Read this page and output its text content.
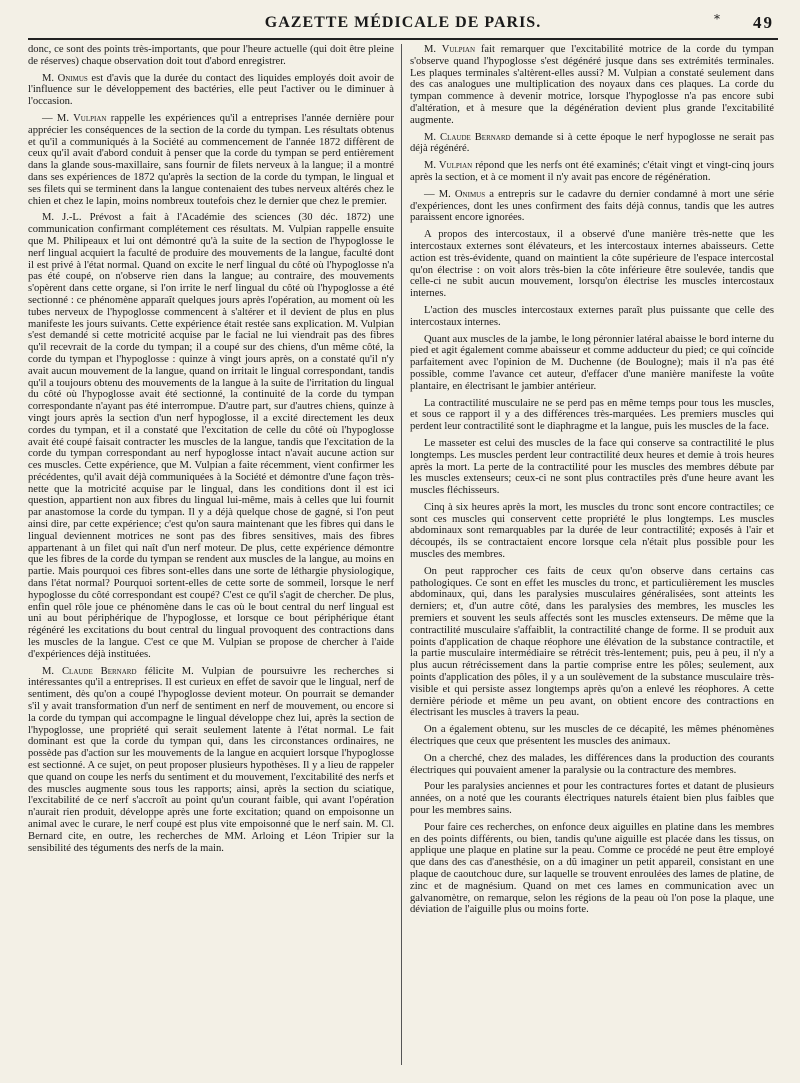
GAZETTE MÉDICALE DE PARIS.	* 49

donc, ce sont des points très-importants, que pour l'heure actuelle (qui doit être pleine de réserves) chaque observation doit tout d'abord enregistrer.

M. Onimus est d'avis que la durée du contact des liquides employés doit avoir de l'influence sur le développement des bactéries, elle peut l'activer ou le diminuer à l'occasion.

— M. Vulpian rappelle les expériences qu'il a entreprises l'année dernière pour apprécier les conséquences de la section de la corde du tympan. Les résultats obtenus et qu'il a communiqués à la Société au commencement de l'année 1872 diffèrent de ceux qu'il avait d'abord conduit à penser que la corde du tympan se perd entièrement dans la glande sous-maxillaire, sans fournir de filets nerveux à la langue; il a montré dans ses expériences de 1872 qu'après la section de la corde du tympan, le lingual et ses filets qui se terminent dans la langue contenaient des tubes nerveux altérés chez le chien et chez le lapin, moins nombreux toutefois chez le dernier que chez le premier.

M. J.-L. Prévost a fait à l'Académie des sciences (30 déc. 1872) une communication confirmant complétement ces résultats. M. Vulpian rappelle ensuite que M. Philipeaux et lui ont démontré qu'à la suite de la section de l'hypoglosse le nerf lingual acquiert la faculté de produire des mouvements de la langue, faculté dont il est privé à l'état normal. Quand on excite le nerf lingual du côté où l'hypoglosse n'a pas été coupé, on n'observe rien dans la langue; au contraire, des mouvements s'opèrent dans cette organe, si l'on irrite le nerf lingual du côté où l'hypoglosse a été sectionné : ce phénomène apparaît quelques jours après l'opération, au moment où les tubes nerveux de l'hypoglosse commencent à s'altérer et il devient de plus en plus manifeste les jours suivants. Cette expérience était restée sans explication. M. Vulpian s'est demandé si cette motricité acquise par le facial ne lui viendrait pas des fibres qu'il recevrait de la corde du tympan; il a coupé sur des chiens, d'un même côté, la corde du tympan et l'hypoglosse : quinze à vingt jours après, on a constaté qu'il n'y avait aucun mouvement de la langue, quand on irritait le lingual correspondant, tandis qu'il a toujours obtenu des mouvements de la langue à la suite de l'irritation du lingual du côté où l'hypoglosse avait été sectionné, la continuité de la corde du tympan correspondante n'ayant pas été interrompue. D'autre part, sur d'autres chiens, quinze à vingt jours après la section d'un nerf hypoglosse, il a excité directement les deux cordes du tympan, et il a constaté que l'excitation de celle du côté où l'hypoglosse avait été coupé faisait contracter les muscles de la langue, tandis que l'excitation de la corde du tympan correspondant au nerf hypoglosse intact n'avait aucune action sur ces muscles. Cette expérience, que M. Vulpian a faite récemment, vient confirmer les précédentes, qu'il avait déjà communiquées à la Société et démontre d'une façon très-nette que la motricité acquise par le lingual, dans les conditions dont il est ici question, appartient non aux fibres du lingual lui-même, mais à celles que lui fournit par anastomose la corde du tympan. Il y a déjà quelque chose de gagné, si l'on peut ainsi dire, par cette expérience; c'est qu'on saura maintenant que les fibres qui dans le lingual deviennent motrices ne sont pas des fibres sensitives, mais des fibres appartenant à un filet qui naît d'un nerf moteur. De plus, cette expérience démontre que les fibres de la corde du tympan se rendent aux muscles de la langue, au moins en partie. Mais pourquoi ces fibres sont-elles dans une sorte de léthargie physiologique, dans l'état normal? Pourquoi sortent-elles de cette sorte de sommeil, lorsque le nerf hypoglosse du côté correspondant est coupé? C'est ce qu'il s'agit de chercher. De plus, enfin quel rôle joue ce phénomène dans le cas où le bout central du nerf lingual est uni au bout périphérique de l'hypoglosse, et lorsque ce bout périphérique étant régénéré les excitations du bout central du lingual provoquent des contractions dans les muscles de la langue. C'est ce que M. Vulpian se propose de chercher à l'aide d'expériences déjà instituées.

M. Claude Bernard félicite M. Vulpian de poursuivre les recherches si intéressantes qu'il a entreprises. Il est curieux en effet de savoir que le lingual, nerf de sentiment, dès qu'on a coupé l'hypoglosse devient moteur. On pourrait se demander s'il y avait transformation d'un nerf de sentiment en nerf de mouvement, ou encore si la corde du tympan qui accompagne le lingual développe chez lui, après la section de l'hypoglosse, une propriété qui serait seulement latente à l'état normal. Le fait dominant est que la corde du tympan qui, dans les circonstances ordinaires, ne possède pas d'action sur les mouvements de la langue en acquiert lorsque l'hypoglosse est sectionné. A ce sujet, on peut proposer plusieurs hypothèses. Il y a lieu de rappeler que quand on coupe les nerfs du sentiment et du mouvement, l'excitabilité des nerfs et des muscles augmente sous tous les rapports; ainsi, après la section du sciatique, l'excitabilité de ce nerf s'accroît au point qu'un courant faible, qui avant l'opération n'aurait rien produit, développe après une forte excitation; quand on empoisonne un animal avec le curare, le nerf coupé est plus vite empoisonné que le nerf sain. M. Cl. Bernard cite, en outre, les recherches de MM. Arloing et Léon Tripier sur la sensibilité des téguments des nerfs de la main.

M. Vulpian fait remarquer que l'excitabilité motrice de la corde du tympan s'observe quand l'hypoglosse s'est dégénéré jusque dans ses extrémités terminales. Les plaques terminales s'altèrent-elles aussi? M. Vulpian a constaté seulement dans des cas analogues une multiplication des noyaux dans ces plaques. La corde du tympan commence à devenir motrice, lorsque l'hypoglosse n'a pas encore subi d'altération, et à mesure que la dégénération devient plus grande l'excitabilité augmente.

M. Claude Bernard demande si à cette époque le nerf hypoglosse ne serait pas déjà régénéré.

M. Vulpian répond que les nerfs ont été examinés; c'était vingt et vingt-cinq jours après la section, et à ce moment il n'y avait pas encore de régénération.

— M. Onimus a entrepris sur le cadavre du dernier condamné à mort une série d'expériences, dont les unes confirment des faits déjà connus, tandis que les autres paraissent encore ignorées.

A propos des intercostaux, il a observé d'une manière très-nette que les intercostaux externes sont élévateurs, et les intercostaux internes abaisseurs. Cette action est très-évidente, quand on maintient la côte supérieure de l'espace intercostal qu'on électrise : on voit alors très-bien la côte inférieure être soulevée, tandis que celle-ci ne subit aucun mouvement, lorsqu'on électrise les muscles intercostaux internes.

L'action des muscles intercostaux externes paraît plus puissante que celle des intercostaux internes.

Quant aux muscles de la jambe, le long péronnier latéral abaisse le bord interne du pied et agit également comme abaisseur et comme adducteur du pied; ce qui coïncide parfaitement avec l'opinion de M. Duchenne (de Boulogne); mais il n'a pas été possible, comme l'avance cet auteur, d'effacer d'une manière manifeste la voûte plantaire, en électrisant le jambier antérieur.

La contractilité musculaire ne se perd pas en même temps pour tous les muscles, et sous ce rapport il y a des différences très-marquées. Les premiers muscles qui perdent leur contractilité sont le diaphragme et la langue, puis les muscles de la face.

Le masseter est celui des muscles de la face qui conserve sa contractilité le plus longtemps. Les muscles perdent leur contractilité deux heures et demie à trois heures après la mort. La perte de la contractilité pour les muscles des membres débute par les muscles extenseurs; ceux-ci ne sont plus contractiles près d'une heure avant les muscles fléchisseurs.

Cinq à six heures après la mort, les muscles du tronc sont encore contractiles; ce sont ces muscles qui conservent cette propriété le plus longtemps. Les muscles abdominaux sont remarquables par la durée de leur contractilité; exposés à l'air et découpés, ils se contractaient encore lorsque cela n'était plus possible pour les muscles des membres.

On peut rapprocher ces faits de ceux qu'on observe dans certains cas pathologiques. Ce sont en effet les muscles du tronc, et particulièrement les muscles abdominaux, qui, dans les paralysies musculaires généralisées, sont atteints les derniers; et, d'un autre côté, dans les paralysies des membres, les muscles les premiers et souvent les seuls affectés sont les muscles extenseurs. De même que la contractilité musculaire s'affaiblit, la contractilité change de forme. Il se produit aux points d'application de chaque réophore une élévation de la substance contractile, et la partie musculaire intermédiaire se rétrécit très-lentement; puis, peu à peu, il n'y a plus aucun rétrécissement dans la partie comprise entre les pôles; seulement, aux points d'application des pôles, il y a un soulèvement de la substance musculaire très-visible et qui persiste assez longtemps après qu'on a enlevé les réophores. A cette dernière période et même un peu avant, on obtient encore des contractions en électrisant les muscles à travers la peau.

On a également obtenu, sur les muscles de ce décapité, les mêmes phénomènes électriques que ceux que présentent les muscles des animaux.

On a cherché, chez des malades, les différences dans la production des courants électriques qui pouvaient amener la paralysie ou la contracture des membres.

Pour les paralysies anciennes et pour les contractures fortes et datant de plusieurs années, on a noté que les courants électriques naturels étaient bien plus faibles que pour les membres sains.

Pour faire ces recherches, on enfonce deux aiguilles en platine dans les membres en des points différents, ou bien, tandis qu'une aiguille est placée dans les tissus, on applique une plaque en platine sur la peau. Comme ce procédé ne peut être employé que dans des cas d'anesthésie, on a dû imaginer un petit appareil, consistant en une plaque de caoutchouc dure, sur laquelle se trouvent enroulées des lames de platine, de zinc et de magnésium. Quand on met ces lames en communication avec un galvanomètre, on remarque, selon les régions de la peau où l'on pose la plaque, une déviation de l'aiguille plus ou moins forte.
